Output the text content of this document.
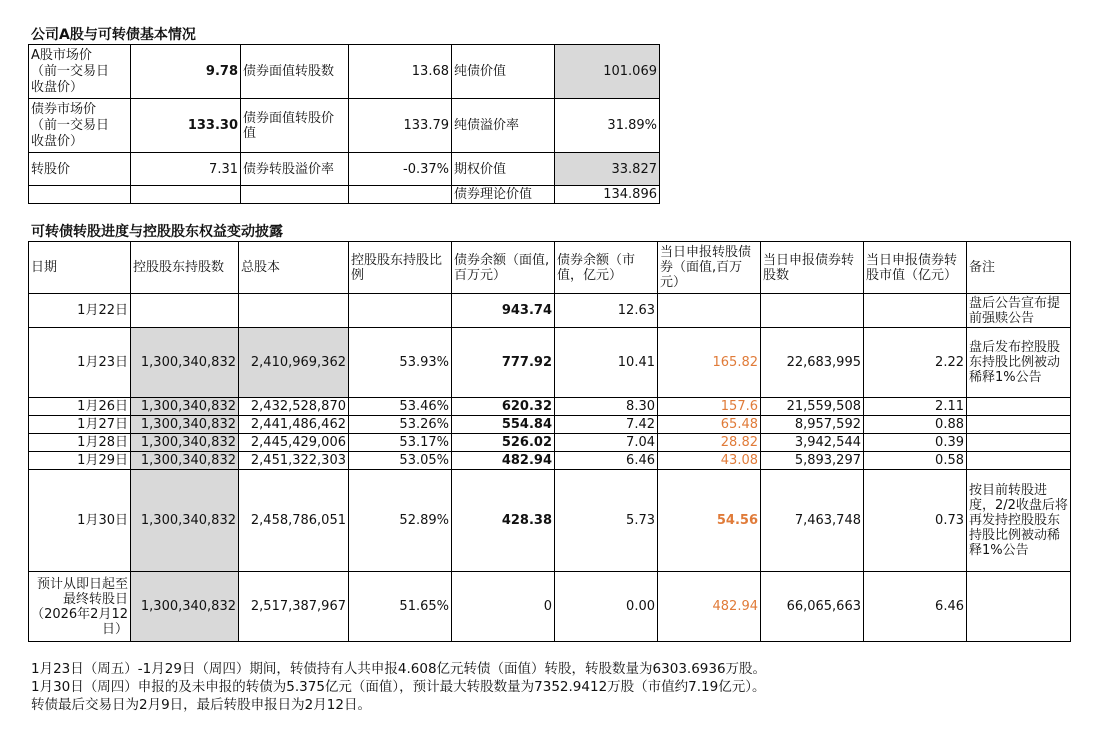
公司A股与可转债基本情况
A股市场价
（前一交易日
收盘价）	9.78	债券面值转股数	13.68	纯债价值	101.069
债券市场价
（前一交易日
收盘价）	133.30	债券面值转股价值	133.79	纯债溢价率	31.89%
转股价	7.31	债券转股溢价率	-0.37%	期权价值	33.827
				债券理论价值	134.896
可转债转股进度与控股股东权益变动披露
日期	控股股东持股数	总股本	控股股东持股比例	债券余额（面值,百万元）	债券余额（市值，亿元）	当日申报转股债券（面值,百万元）	当日申报债券转股数	当日申报债券转股市值（亿元）	备注
1月22日				943.74	12.63				盘后公告宣布提前强赎公告
1月23日	1,300,340,832	2,410,969,362	53.93%	777.92	10.41	165.82	22,683,995	2.22	盘后发布控股股东持股比例被动稀释1%公告
1月26日	1,300,340,832	2,432,528,870	53.46%	620.32	8.30	157.6	21,559,508	2.11	
1月27日	1,300,340,832	2,441,486,462	53.26%	554.84	7.42	65.48	8,957,592	0.88	
1月28日	1,300,340,832	2,445,429,006	53.17%	526.02	7.04	28.82	3,942,544	0.39	
1月29日	1,300,340,832	2,451,322,303	53.05%	482.94	6.46	43.08	5,893,297	0.58	
1月30日	1,300,340,832	2,458,786,051	52.89%	428.38	5.73	54.56	7,463,748	0.73	按目前转股进度，2/2收盘后将再发持控股股东持股比例被动稀释1%公告
预计从即日起至最终转股日（2026年2月12日）	1,300,340,832	2,517,387,967	51.65%	0	0.00	482.94	66,065,663	6.46	
1月23日（周五）-1月29日（周四）期间，转债持有人共申报4.608亿元转债（面值）转股，转股数量为6303.6936万股。
1月30日（周四）申报的及未申报的转债为5.375亿元（面值），预计最大转股数量为7352.9412万股（市值约7.19亿元）。
转债最后交易日为2月9日，最后转股申报日为2月12日。
